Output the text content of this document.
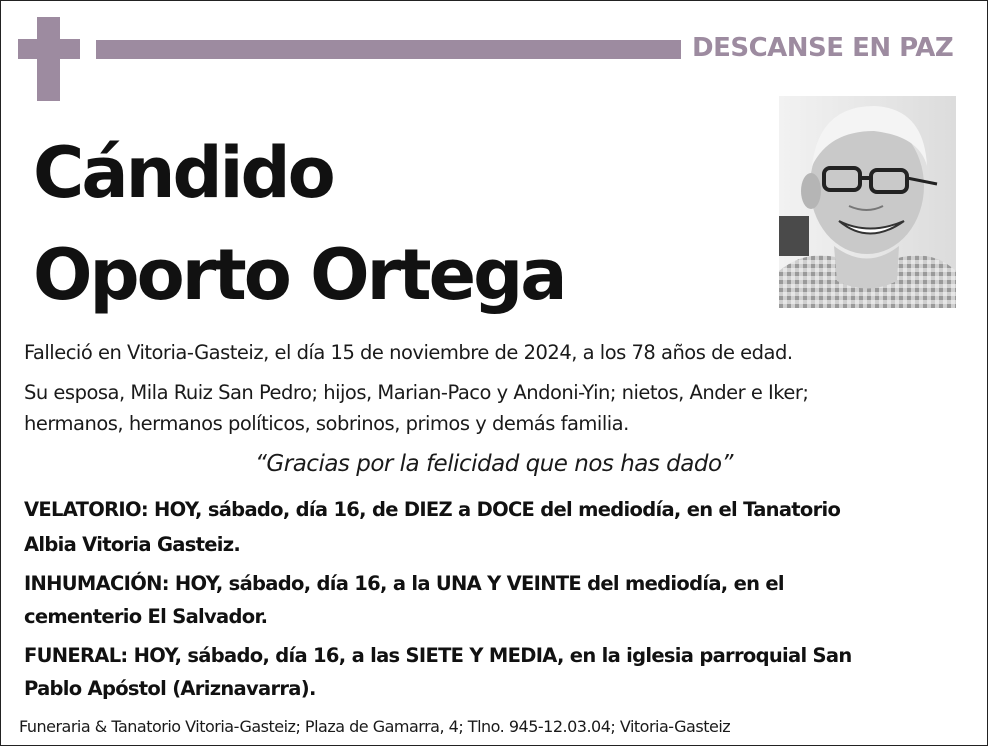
DESCANSE EN PAZ
Cándido
Oporto Ortega
Falleció en Vitoria-Gasteiz, el día 15 de noviembre de 2024, a los 78 años de edad.
Su esposa, Mila Ruiz San Pedro; hijos, Marian-Paco y Andoni-Yin; nietos, Ander e Iker;
hermanos, hermanos políticos, sobrinos, primos y demás familia.
“Gracias por la felicidad que nos has dado”
VELATORIO: HOY, sábado, día 16, de DIEZ a DOCE del mediodía, en el Tanatorio
Albia Vitoria Gasteiz.
INHUMACIÓN: HOY, sábado, día 16, a la UNA Y VEINTE del mediodía, en el
cementerio El Salvador.
FUNERAL: HOY, sábado, día 16, a las SIETE Y MEDIA, en la iglesia parroquial San
Pablo Apóstol (Ariznavarra).
Funeraria & Tanatorio Vitoria-Gasteiz; Plaza de Gamarra, 4; Tlno. 945-12.03.04; Vitoria-Gasteiz
